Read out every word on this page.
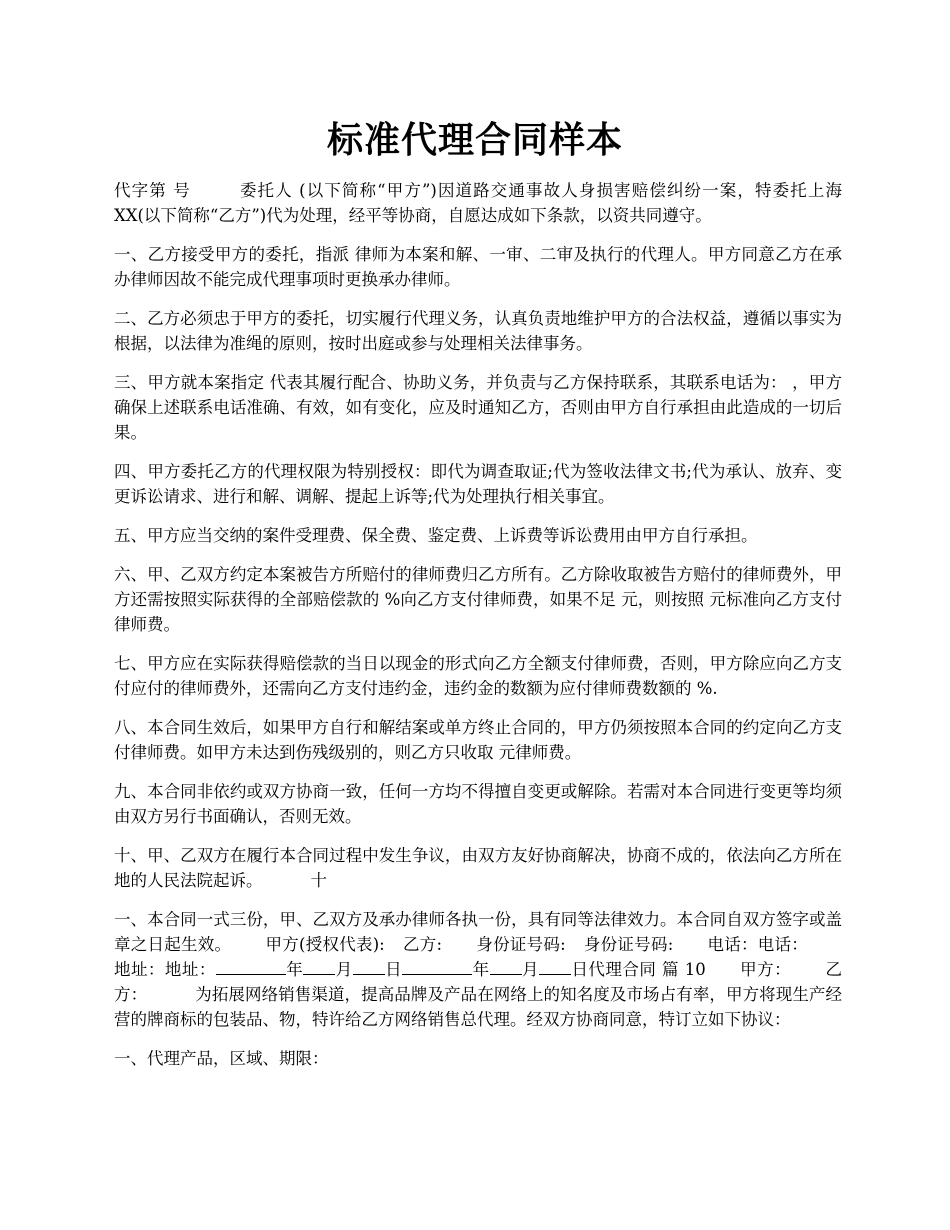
标准代理合同样本

代字第 号	委托人 (以下简称“甲方”)因道路交通事故人身损害赔偿纠纷一案，特委托上海 XX(以下简称“乙方”)代为处理，经平等协商，自愿达成如下条款，以资共同遵守。

一、乙方接受甲方的委托，指派 律师为本案和解、一审、二审及执行的代理人。甲方同意乙方在承办律师因故不能完成代理事项时更换承办律师。

二、乙方必须忠于甲方的委托，切实履行代理义务，认真负责地维护甲方的合法权益，遵循以事实为根据，以法律为准绳的原则，按时出庭或参与处理相关法律事务。

三、甲方就本案指定 代表其履行配合、协助义务，并负责与乙方保持联系，其联系电话为： ，甲方确保上述联系电话准确、有效，如有变化，应及时通知乙方，否则由甲方自行承担由此造成的一切后果。

四、甲方委托乙方的代理权限为特别授权：即代为调查取证;代为签收法律文书;代为承认、放弃、变更诉讼请求、进行和解、调解、提起上诉等;代为处理执行相关事宜。

五、甲方应当交纳的案件受理费、保全费、鉴定费、上诉费等诉讼费用由甲方自行承担。

六、甲、乙双方约定本案被告方所赔付的律师费归乙方所有。乙方除收取被告方赔付的律师费外，甲方还需按照实际获得的全部赔偿款的 %向乙方支付律师费，如果不足 元，则按照 元标准向乙方支付律师费。

七、甲方应在实际获得赔偿款的当日以现金的形式向乙方全额支付律师费，否则，甲方除应向乙方支付应付的律师费外，还需向乙方支付违约金，违约金的数额为应付律师费数额的 %.

八、本合同生效后，如果甲方自行和解结案或单方终止合同的，甲方仍须按照本合同的约定向乙方支付律师费。如甲方未达到伤残级别的，则乙方只收取 元律师费。

九、本合同非依约或双方协商一致，任何一方均不得擅自变更或解除。若需对本合同进行变更等均须由双方另行书面确认，否则无效。

十、甲、乙双方在履行本合同过程中发生争议，由双方友好协商解决，协商不成的，依法向乙方所在地的人民法院起诉。	十

一、本合同一式三份，甲、乙双方及承办律师各执一份，具有同等法律效力。本合同自双方签字或盖章之日起生效。 甲方(授权代表): 乙方: 身份证号码: 身份证号码: 电话：电话：地址：地址：	年 月 日	年 月 日代理合同 篇 10 甲方： 乙方：	为拓展网络销售渠道，提高品牌及产品在网络上的知名度及市场占有率，甲方将现生产经营的牌商标的包装品、物，特许给乙方网络销售总代理。经双方协商同意，特订立如下协议：

一、代理产品，区域、期限：
